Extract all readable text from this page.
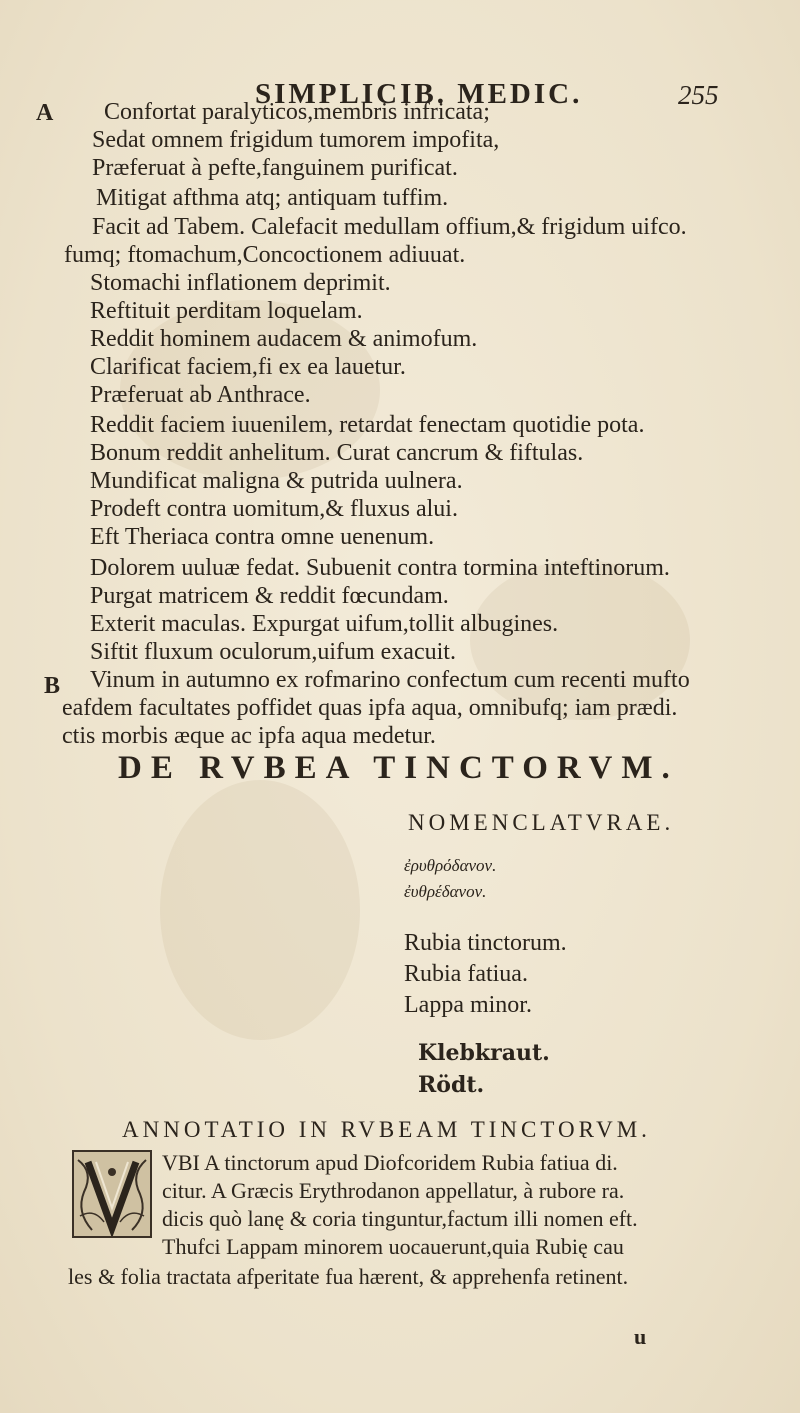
SIMPLICIB. MEDIC.	255
A
B
Confortat paralyticos,membris infricata;
Sedat omnem frigidum tumorem impofita,
Præferuat à pefte,fanguinem purificat.
Mitigat afthma atq; antiquam tuffim.
Facit ad Tabem. Calefacit medullam offium,& frigidum uifco.
fumq; ftomachum,Concoctionem adiuuat.
Stomachi inflationem deprimit.
Reftituit perditam loquelam.
Reddit hominem audacem & animofum.
Clarificat faciem,fi ex ea lauetur.
Præferuat ab Anthrace.
Reddit faciem iuuenilem, retardat fenectam quotidie pota.
Bonum reddit anhelitum. Curat cancrum & fiftulas.
Mundificat maligna & putrida uulnera.
Prodeft contra uomitum,& fluxus alui.
Eft Theriaca contra omne uenenum.
Dolorem uuluæ fedat. Subuenit contra tormina inteftinorum.
Purgat matricem & reddit fœcundam.
Exterit maculas. Expurgat uifum,tollit albugines.
Siftit fluxum oculorum,uifum exacuit.
Vinum in autumno ex rofmarino confectum cum recenti mufto
eafdem facultates poffidet quas ipfa aqua, omnibufq; iam prædi.
ctis morbis æque ac ipfa aqua medetur.
DE RVBEA TINCTORVM.
NOMENCLATVRAE.
ἐρυθρόδανον.
ἐυθρέδανον.
Rubia tinctorum.
Rubia fatiua.
Lappa minor.
Klebkraut.
Rödt.
ANNOTATIO IN RVBEAM TINCTORVM.
VBI A tinctorum apud Diofcoridem Rubia fatiua di.
citur. A Græcis Erythrodanon appellatur, à rubore ra.
dicis quò lanę & coria tinguntur,factum illi nomen eft.
Thufci Lappam minorem uocauerunt,quia Rubię cau
les & folia tractata afperitate fua hærent, & apprehenfa retinent.
u
